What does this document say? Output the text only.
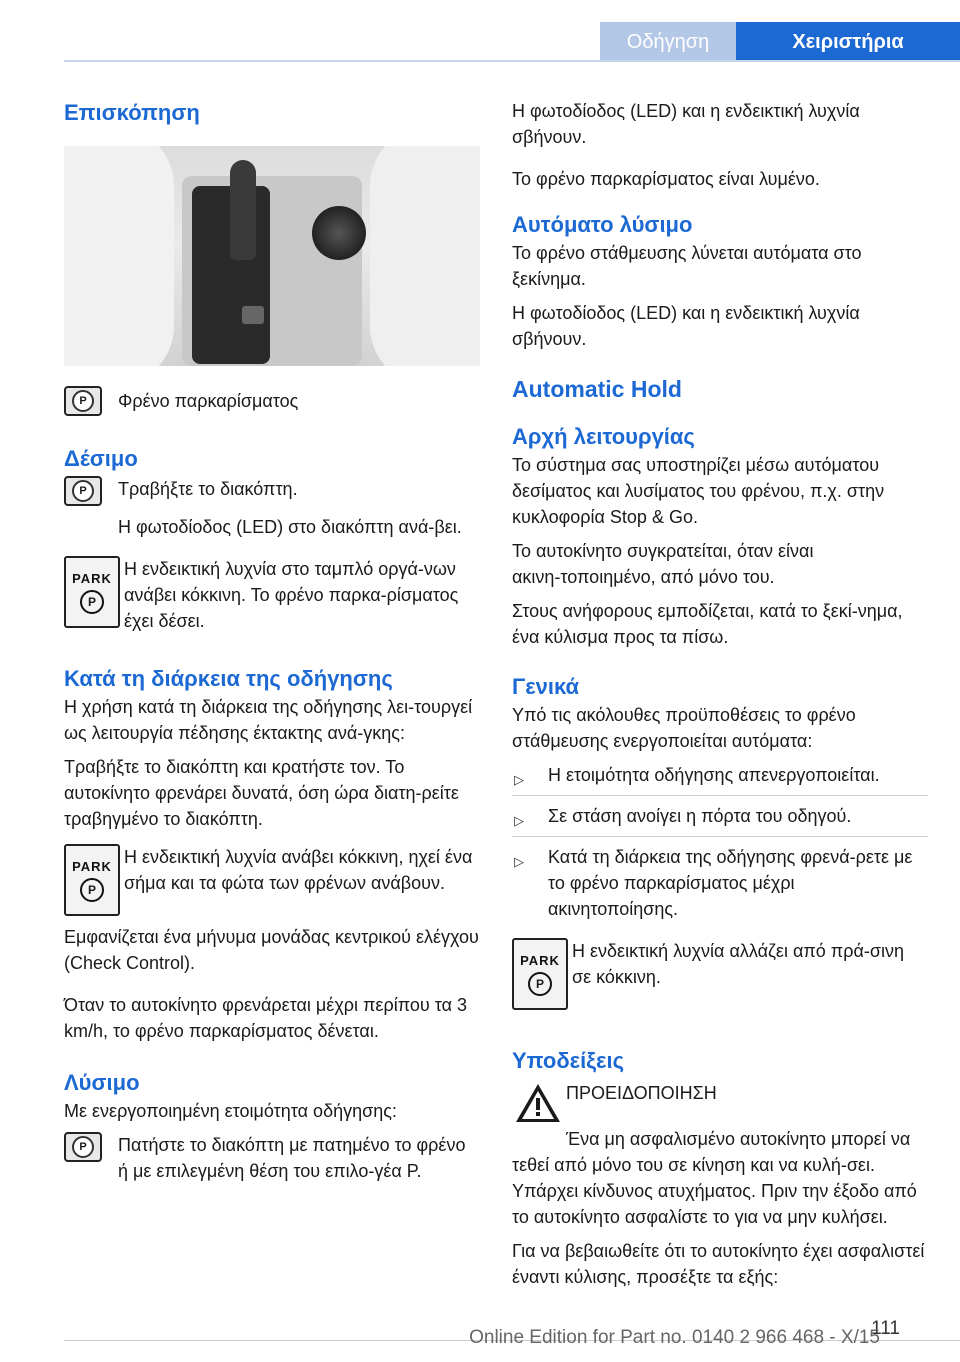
Οδήγηση	Χειριστήρια
Επισκόπηση
P	Φρένο παρκαρίσματος

Δέσιμο
P	Τραβήξτε το διακόπτη.

Η φωτοδίοδος (LED) στο διακόπτη ανά‑βει.

PARK
P

Η ενδεικτική λυχνία στο ταμπλό οργά‑νων ανάβει κόκκινη. Το φρένο παρκα‑ρίσματος έχει δέσει.

Κατά τη διάρκεια της οδήγησης

Η χρήση κατά τη διάρκεια της οδήγησης λει‑τουργεί ως λειτουργία πέδησης έκτακτης ανά‑γκης:

Τραβήξτε το διακόπτη και κρατήστε τον. Το αυτοκίνητο φρενάρει δυνατά, όση ώρα διατη‑ρείτε τραβηγμένο το διακόπτη.

PARK
P

Η ενδεικτική λυχνία ανάβει κόκκινη, ηχεί ένα σήμα και τα φώτα των φρένων ανάβουν.

Εμφανίζεται ένα μήνυμα μονάδας κεντρικού ελέγχου (Check Control).

Όταν το αυτοκίνητο φρενάρεται μέχρι περίπου τα 3 km/h, το φρένο παρκαρίσματος δένεται.

Λύσιμο

Με ενεργοποιημένη ετοιμότητα οδήγησης:

P	Πατήστε το διακόπτη με πατημένο το φρένο ή με επιλεγμένη θέση του επιλο‑γέα P.

Η φωτοδίοδος (LED) και η ενδεικτική λυχνία σβήνουν.

Το φρένο παρκαρίσματος είναι λυμένο.

Αυτόματο λύσιμο

Το φρένο στάθμευσης λύνεται αυτόματα στο ξεκίνημα.

Η φωτοδίοδος (LED) και η ενδεικτική λυχνία σβήνουν.

Automatic Hold
Αρχή λειτουργίας

Το σύστημα σας υποστηρίζει μέσω αυτόματου δεσίματος και λυσίματος του φρένου, π.χ. στην κυκλοφορία Stop & Go.

Το αυτοκίνητο συγκρατείται, όταν είναι ακινη‑τοποιημένο, από μόνο του.

Στους ανήφορους εμποδίζεται, κατά το ξεκί‑νημα, ένα κύλισμα προς τα πίσω.

Γενικά

Υπό τις ακόλουθες προϋποθέσεις το φρένο στάθμευσης ενεργοποιείται αυτόματα:

▷ Η ετοιμότητα οδήγησης απενεργοποιείται.
▷ Σε στάση ανοίγει η πόρτα του οδηγού.
▷ Κατά τη διάρκεια της οδήγησης φρενά‑ρετε με το φρένο παρκαρίσματος μέχρι ακινητοποίησης.
PARK
P

Η ενδεικτική λυχνία αλλάζει από πρά‑σινη σε κόκκινη.

Υποδείξεις

ΠΡΟΕΙΔΟΠΟΙΗΣΗ

Ένα μη ασφαλισμένο αυτοκίνητο μπορεί να τεθεί από μόνο του σε κίνηση και να κυλή‑σει. Υπάρχει κίνδυνος ατυχήματος. Πριν την έξοδο από το αυτοκίνητο ασφαλίστε το για να μην κυλήσει.

Για να βεβαιωθείτε ότι το αυτοκίνητο έχει ασφαλιστεί έναντι κύλισης, προσέξτε τα εξής:

111
Online Edition for Part no. 0140 2 966 468 - X/15
